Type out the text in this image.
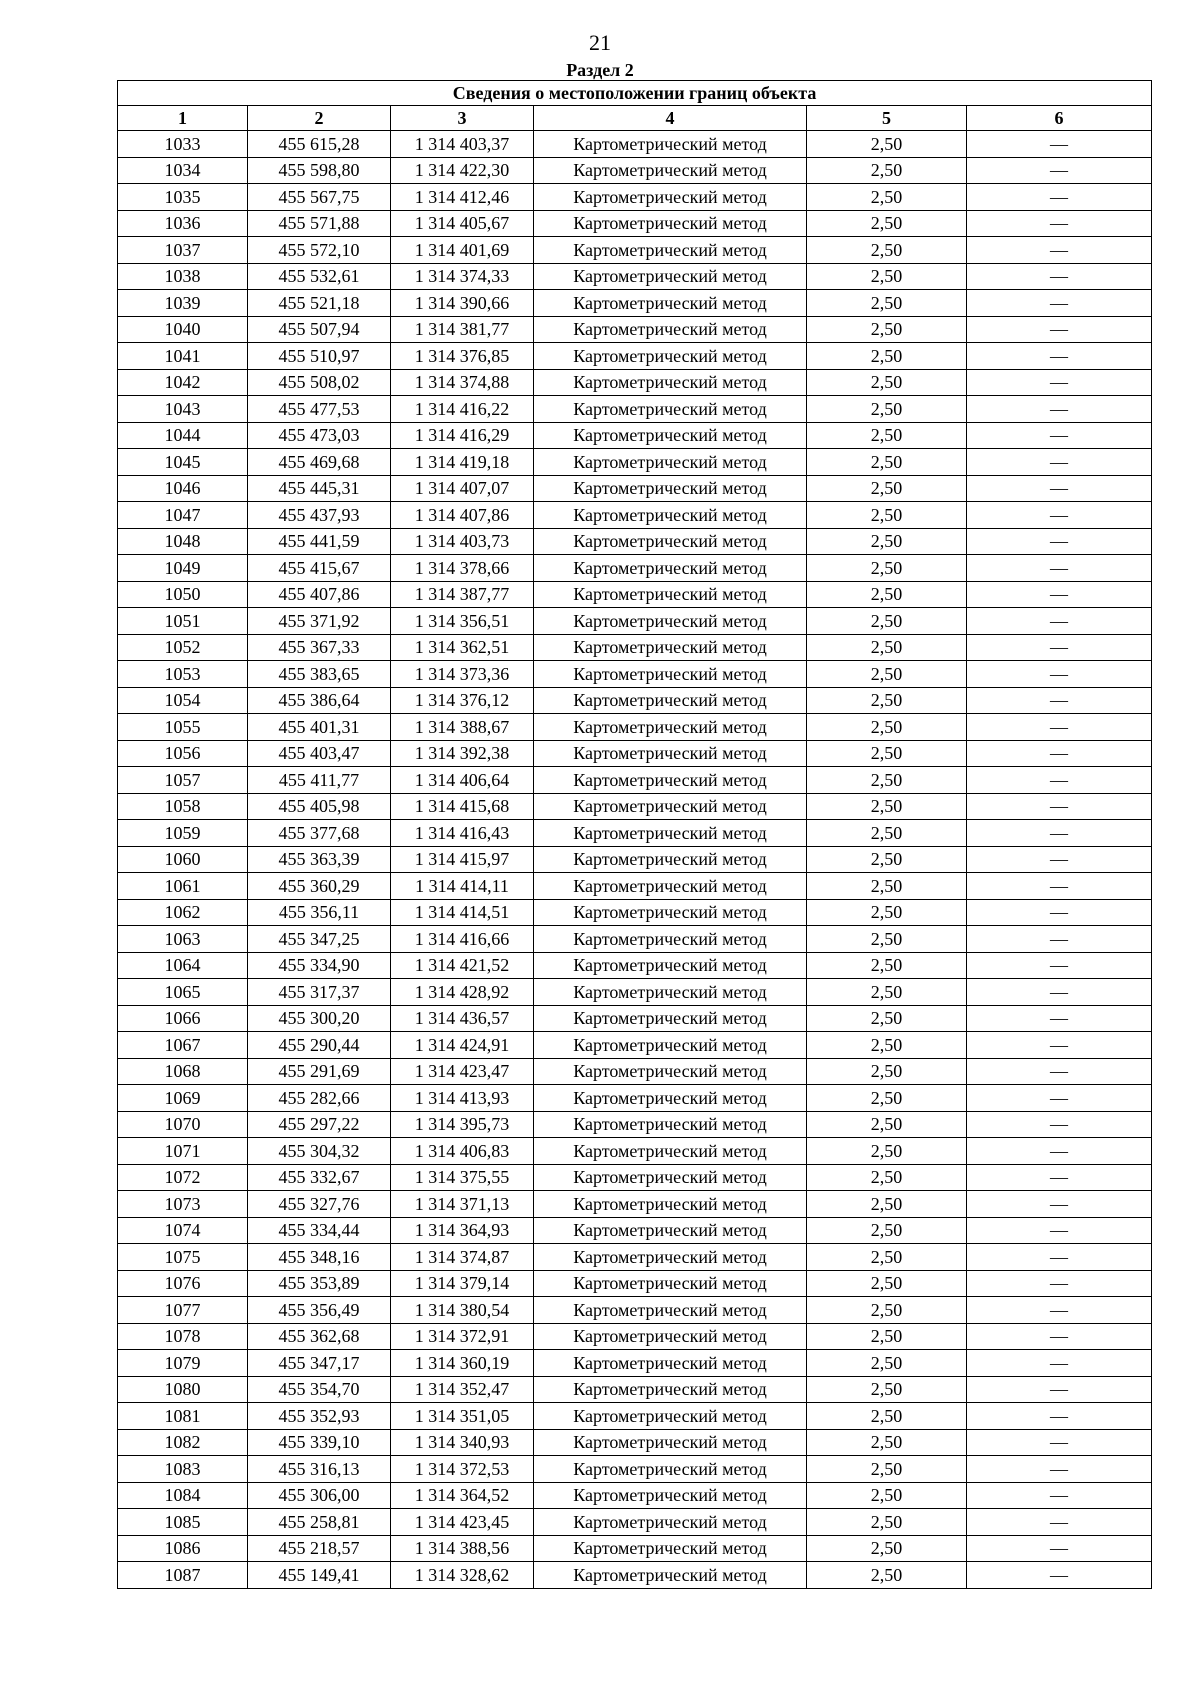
21
Раздел 2
Сведения о местоположении границ объекта					
1	2	3	4	5	6
1033	455 615,28	1 314 403,37	Картометрический метод	2,50	—
1034	455 598,80	1 314 422,30	Картометрический метод	2,50	—
1035	455 567,75	1 314 412,46	Картометрический метод	2,50	—
1036	455 571,88	1 314 405,67	Картометрический метод	2,50	—
1037	455 572,10	1 314 401,69	Картометрический метод	2,50	—
1038	455 532,61	1 314 374,33	Картометрический метод	2,50	—
1039	455 521,18	1 314 390,66	Картометрический метод	2,50	—
1040	455 507,94	1 314 381,77	Картометрический метод	2,50	—
1041	455 510,97	1 314 376,85	Картометрический метод	2,50	—
1042	455 508,02	1 314 374,88	Картометрический метод	2,50	—
1043	455 477,53	1 314 416,22	Картометрический метод	2,50	—
1044	455 473,03	1 314 416,29	Картометрический метод	2,50	—
1045	455 469,68	1 314 419,18	Картометрический метод	2,50	—
1046	455 445,31	1 314 407,07	Картометрический метод	2,50	—
1047	455 437,93	1 314 407,86	Картометрический метод	2,50	—
1048	455 441,59	1 314 403,73	Картометрический метод	2,50	—
1049	455 415,67	1 314 378,66	Картометрический метод	2,50	—
1050	455 407,86	1 314 387,77	Картометрический метод	2,50	—
1051	455 371,92	1 314 356,51	Картометрический метод	2,50	—
1052	455 367,33	1 314 362,51	Картометрический метод	2,50	—
1053	455 383,65	1 314 373,36	Картометрический метод	2,50	—
1054	455 386,64	1 314 376,12	Картометрический метод	2,50	—
1055	455 401,31	1 314 388,67	Картометрический метод	2,50	—
1056	455 403,47	1 314 392,38	Картометрический метод	2,50	—
1057	455 411,77	1 314 406,64	Картометрический метод	2,50	—
1058	455 405,98	1 314 415,68	Картометрический метод	2,50	—
1059	455 377,68	1 314 416,43	Картометрический метод	2,50	—
1060	455 363,39	1 314 415,97	Картометрический метод	2,50	—
1061	455 360,29	1 314 414,11	Картометрический метод	2,50	—
1062	455 356,11	1 314 414,51	Картометрический метод	2,50	—
1063	455 347,25	1 314 416,66	Картометрический метод	2,50	—
1064	455 334,90	1 314 421,52	Картометрический метод	2,50	—
1065	455 317,37	1 314 428,92	Картометрический метод	2,50	—
1066	455 300,20	1 314 436,57	Картометрический метод	2,50	—
1067	455 290,44	1 314 424,91	Картометрический метод	2,50	—
1068	455 291,69	1 314 423,47	Картометрический метод	2,50	—
1069	455 282,66	1 314 413,93	Картометрический метод	2,50	—
1070	455 297,22	1 314 395,73	Картометрический метод	2,50	—
1071	455 304,32	1 314 406,83	Картометрический метод	2,50	—
1072	455 332,67	1 314 375,55	Картометрический метод	2,50	—
1073	455 327,76	1 314 371,13	Картометрический метод	2,50	—
1074	455 334,44	1 314 364,93	Картометрический метод	2,50	—
1075	455 348,16	1 314 374,87	Картометрический метод	2,50	—
1076	455 353,89	1 314 379,14	Картометрический метод	2,50	—
1077	455 356,49	1 314 380,54	Картометрический метод	2,50	—
1078	455 362,68	1 314 372,91	Картометрический метод	2,50	—
1079	455 347,17	1 314 360,19	Картометрический метод	2,50	—
1080	455 354,70	1 314 352,47	Картометрический метод	2,50	—
1081	455 352,93	1 314 351,05	Картометрический метод	2,50	—
1082	455 339,10	1 314 340,93	Картометрический метод	2,50	—
1083	455 316,13	1 314 372,53	Картометрический метод	2,50	—
1084	455 306,00	1 314 364,52	Картометрический метод	2,50	—
1085	455 258,81	1 314 423,45	Картометрический метод	2,50	—
1086	455 218,57	1 314 388,56	Картометрический метод	2,50	—
1087	455 149,41	1 314 328,62	Картометрический метод	2,50	—
